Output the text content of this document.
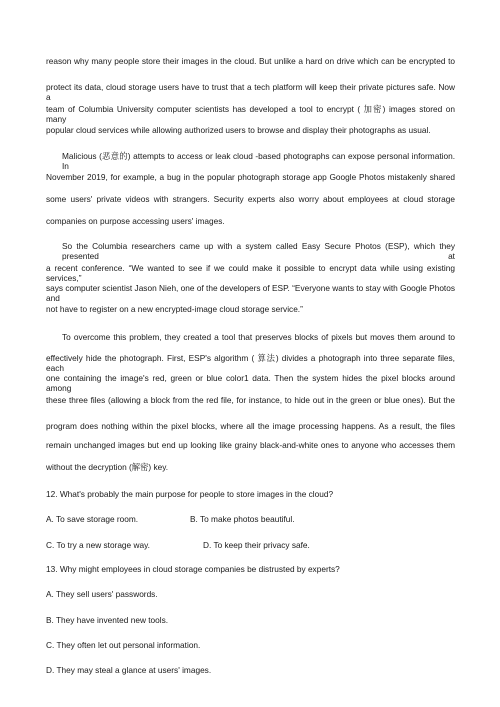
reason why many people store their images in the cloud. But unlike a hard on drive which can be encrypted to
protect its data, cloud storage users have to trust that a tech platform will keep their private pictures safe. Now a
team of Columbia University computer scientists has developed a tool to encrypt ( 加密) images stored on many
popular cloud services while allowing authorized users to browse and display their photographs as usual.
Malicious (恶意的) attempts to access or leak cloud -based photographs can expose personal information. In
November 2019, for example, a bug in the popular photograph storage app Google Photos mistakenly shared
some users' private videos with strangers. Security experts also worry about employees at cloud storage
companies on purpose accessing users' images.
So the Columbia researchers came up with a system called Easy Secure Photos (ESP), which they presented at
a recent conference. “We wanted to see if we could make it possible to encrypt data while using existing services,”
says computer scientist Jason Nieh, one of the developers of ESP. “Everyone wants to stay with Google Photos and
not have to register on a new encrypted-image cloud storage service.”
To overcome this problem, they created a tool that preserves blocks of pixels but moves them around to
effectively hide the photograph. First, ESP's algorithm ( 算法) divides a photograph into three separate files, each
one containing the image's red, green or blue color1 data. Then the system hides the pixel blocks around among
these three files (allowing a block from the red file, for instance, to hide out in the green or blue ones). But the
program does nothing within the pixel blocks, where all the image processing happens. As a result, the files
remain unchanged images but end up looking like grainy black-and-white ones to anyone who accesses them
without the decryption (解密) key.
12. What's probably the main purpose for people to store images in the cloud?
A. To save storage room.	B. To make photos beautiful.
C. To try a new storage way.	D. To keep their privacy safe.
13. Why might employees in cloud storage companies be distrusted by experts?
A. They sell users' passwords.
B. They have invented new tools.
C. They often let out personal information.
D. They may steal a glance at users' images.
